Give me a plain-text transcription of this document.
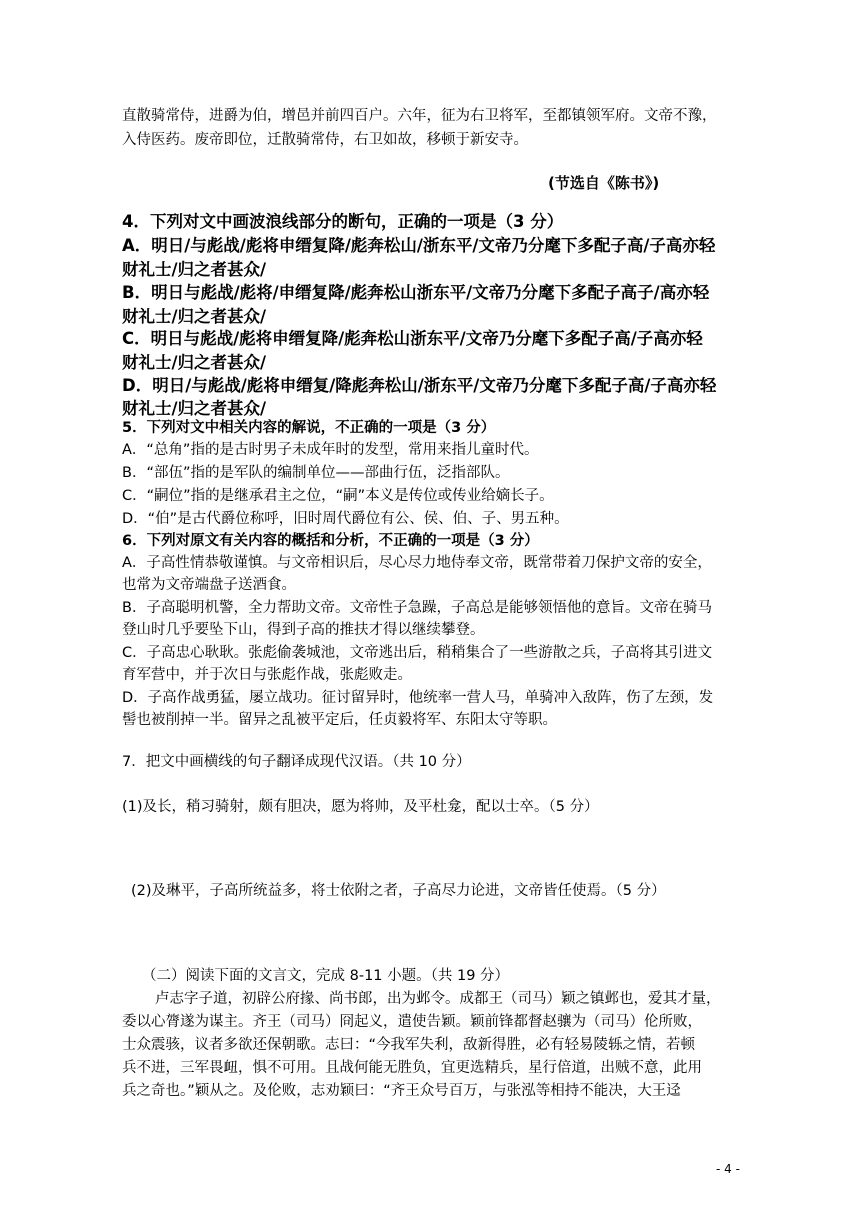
直散骑常侍，进爵为伯，增邑并前四百户。六年，征为右卫将军，至都镇领军府。文帝不豫，
入侍医药。废帝即位，迁散骑常侍，右卫如故，移顿于新安寺。
(节选自《陈书》)
4．下列对文中画波浪线部分的断句，正确的一项是（3 分）
A．明日/与彪战/彪将申缙复降/彪奔松山/浙东平/文帝乃分麾下多配子高/子高亦轻
财礼士/归之者甚众/
B．明日与彪战/彪将/申缙复降/彪奔松山浙东平/文帝乃分麾下多配子高子/高亦轻
财礼士/归之者甚众/
C．明日与彪战/彪将申缙复降/彪奔松山浙东平/文帝乃分麾下多配子高/子高亦轻
财礼士/归之者甚众/
D．明日/与彪战/彪将申缙复/降彪奔松山/浙东平/文帝乃分麾下多配子高/子高亦轻
财礼士/归之者甚众/
5．下列对文中相关内容的解说，不正确的一项是（3 分）
A．“总角”指的是古时男子未成年时的发型，常用来指儿童时代。
B．“部伍”指的是军队的编制单位——部曲行伍，泛指部队。
C．“嗣位”指的是继承君主之位，“嗣”本义是传位或传业给嫡长子。
D．“伯”是古代爵位称呼，旧时周代爵位有公、侯、伯、子、男五种。
6．下列对原文有关内容的概括和分析，不正确的一项是（3 分）
A．子高性情恭敬谨慎。与文帝相识后，尽心尽力地侍奉文帝，既常带着刀保护文帝的安全，
也常为文帝端盘子送酒食。
B．子高聪明机警，全力帮助文帝。文帝性子急躁，子高总是能够领悟他的意旨。文帝在骑马
登山时几乎要坠下山，得到子高的推扶才得以继续攀登。
C．子高忠心耿耿。张彪偷袭城池，文帝逃出后，稍稍集合了一些游散之兵，子高将其引进文
育军营中，并于次日与张彪作战，张彪败走。
D．子高作战勇猛，屡立战功。征讨留异时，他统率一营人马，单骑冲入敌阵，伤了左颈，发
髻也被削掉一半。留异之乱被平定后，任贞毅将军、东阳太守等职。
7．把文中画横线的句子翻译成现代汉语。（共 10 分）
(1)及长，稍习骑射，颇有胆决，愿为将帅，及平杜龛，配以士卒。（5 分）
(2)及琳平，子高所统益多，将士依附之者，子高尽力论进，文帝皆任使焉。（5 分）
（二）阅读下面的文言文，完成 8-11 小题。（共 19 分）
卢志字子道，初辟公府掾、尚书郎，出为邺令。成都王（司马）颖之镇邺也，爱其才量，
委以心膂遂为谋主。齐王（司马）冏起义，遣使告颖。颖前锋都督赵骧为（司马）伦所败，
士众震骇，议者多欲还保朝歌。志曰：“今我军失利，敌新得胜，必有轻易陵轹之情，若顿
兵不进，三军畏衄，惧不可用。且战何能无胜负，宜更选精兵，星行倍道，出贼不意，此用
兵之奇也。”颖从之。及伦败，志劝颖曰：“齐王众号百万，与张泓等相持不能决，大王迳
- 4 -
